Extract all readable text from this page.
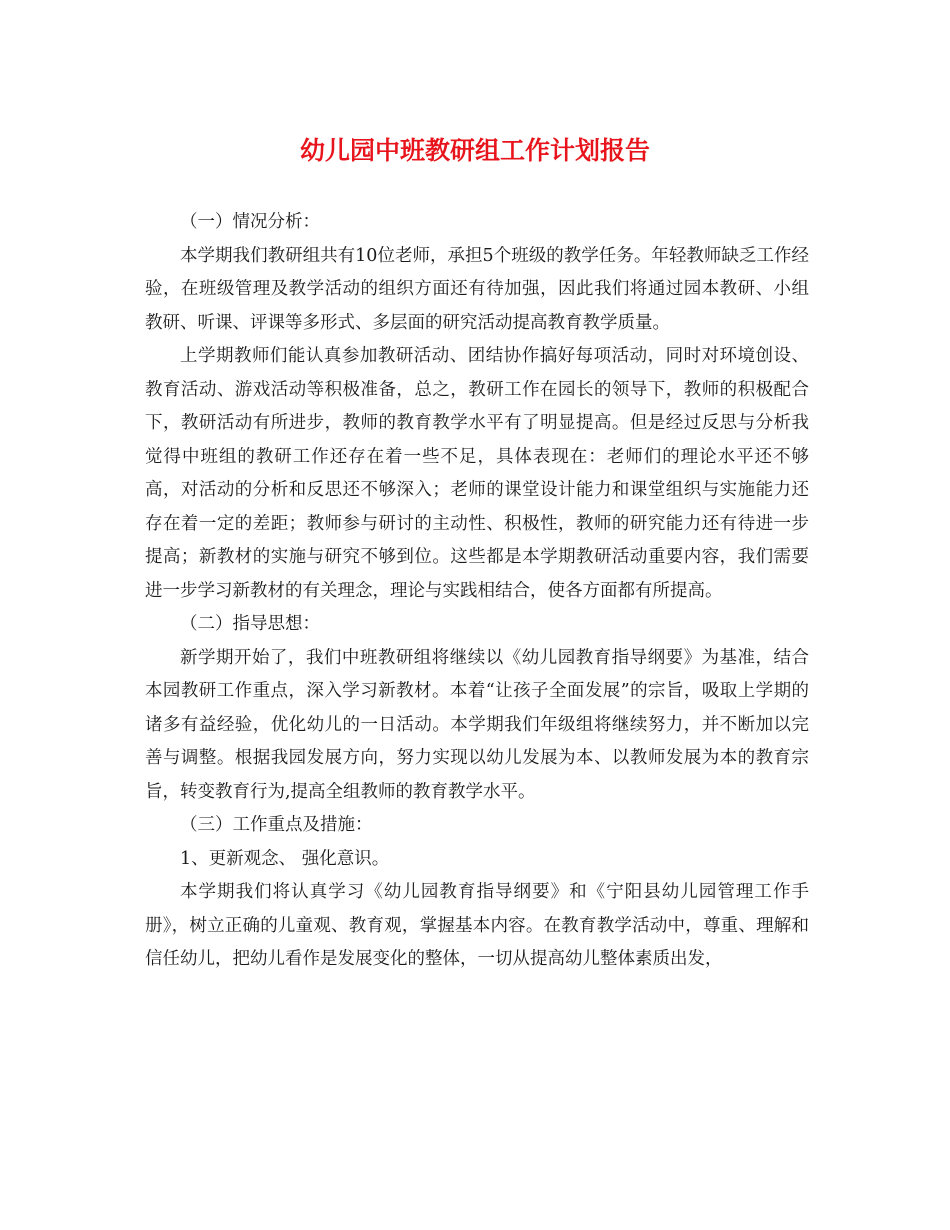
幼儿园中班教研组工作计划报告

（一）情况分析：

本学期我们教研组共有10位老师，承担5个班级的教学任务。年轻教师缺乏工作经验，在班级管理及教学活动的组织方面还有待加强，因此我们将通过园本教研、小组教研、听课、评课等多形式、多层面的研究活动提高教育教学质量。

上学期教师们能认真参加教研活动、团结协作搞好每项活动，同时对环境创设、教育活动、游戏活动等积极准备，总之，教研工作在园长的领导下，教师的积极配合下，教研活动有所进步，教师的教育教学水平有了明显提高。但是经过反思与分析我觉得中班组的教研工作还存在着一些不足，具体表现在：老师们的理论水平还不够高，对活动的分析和反思还不够深入；老师的课堂设计能力和课堂组织与实施能力还存在着一定的差距；教师参与研讨的主动性、积极性，教师的研究能力还有待进一步提高；新教材的实施与研究不够到位。这些都是本学期教研活动重要内容，我们需要进一步学习新教材的有关理念，理论与实践相结合，使各方面都有所提高。

（二）指导思想：

新学期开始了，我们中班教研组将继续以《幼儿园教育指导纲要》为基准，结合本园教研工作重点，深入学习新教材。本着“让孩子全面发展”的宗旨，吸取上学期的诸多有益经验，优化幼儿的一日活动。本学期我们年级组将继续努力，并不断加以完善与调整。根据我园发展方向，努力实现以幼儿发展为本、以教师发展为本的教育宗旨，转变教育行为,提高全组教师的教育教学水平。

（三）工作重点及措施：

1、更新观念、 强化意识。

本学期我们将认真学习《幼儿园教育指导纲要》和《宁阳县幼儿园管理工作手册》，树立正确的儿童观、教育观，掌握基本内容。在教育教学活动中，尊重、理解和信任幼儿，把幼儿看作是发展变化的整体，一切从提高幼儿整体素质出发，
